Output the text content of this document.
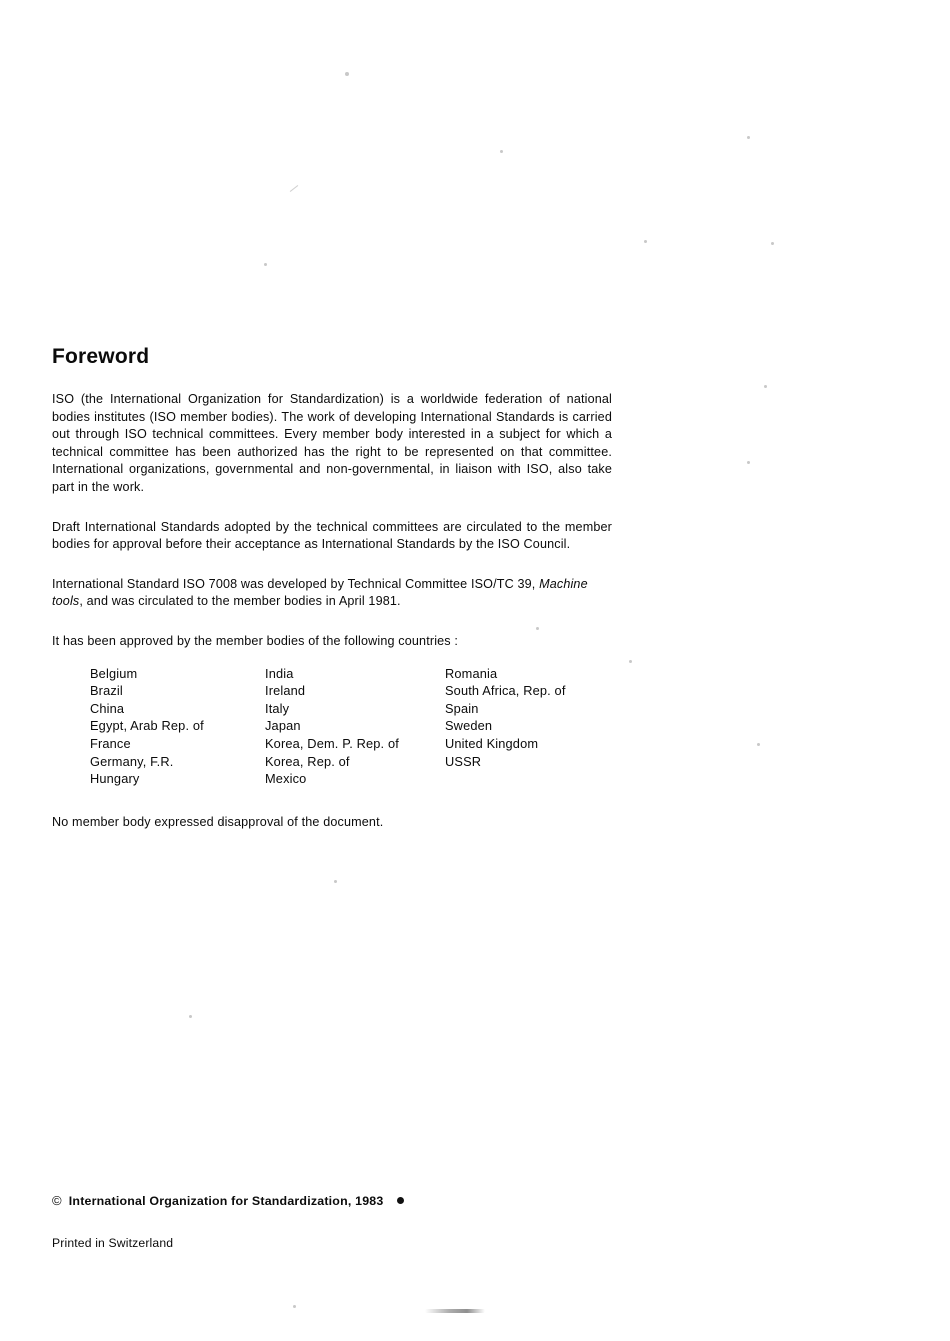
Foreword

ISO (the International Organization for Standardization) is a worldwide federation of national bodies institutes (ISO member bodies). The work of developing International Standards is carried out through ISO technical committees. Every member body interested in a subject for which a technical committee has been authorized has the right to be represented on that committee. International organizations, governmental and non-governmental, in liaison with ISO, also take part in the work.

Draft International Standards adopted by the technical committees are circulated to the member bodies for approval before their acceptance as International Standards by the ISO Council.

International Standard ISO 7008 was developed by Technical Committee ISO/TC 39, Machine tools, and was circulated to the member bodies in April 1981.

It has been approved by the member bodies of the following countries :

Belgium
Brazil
China
Egypt, Arab Rep. of
France
Germany, F.R.
Hungary
India
Ireland
Italy
Japan
Korea, Dem. P. Rep. of
Korea, Rep. of
Mexico
Romania
South Africa, Rep. of
Spain
Sweden
United Kingdom
USSR

No member body expressed disapproval of the document.

© International Organization for Standardization, 1983
Printed in Switzerland
